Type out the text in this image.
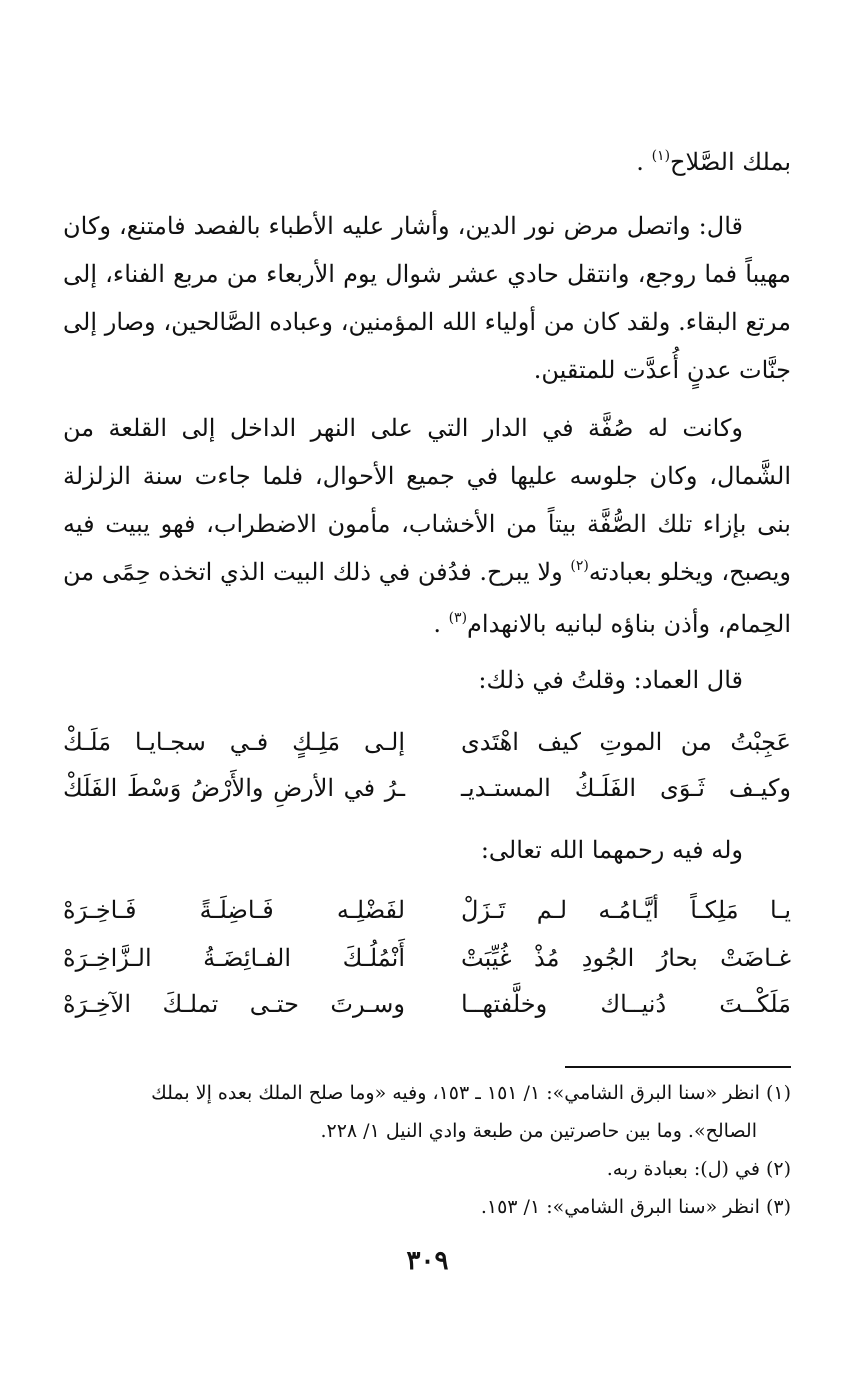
بملك الصَّلاح$^{(١)}$ .
قال: واتصل مرض نور الدين، وأشار عليه الأطباء بالفصد فامتنع، وكان مهيباً فما روجع، وانتقل حادي عشر شوال يوم الأربعاء من مربع الفناء، إلى مرتع البقاء. ولقد كان من أولياء الله المؤمنين، وعباده الصَّالحين، وصار إلى جنَّات عدنٍ أُعدَّت للمتقين.
وكانت له صُفَّة في الدار التي على النهر الداخل إلى القلعة من الشَّمال، وكان جلوسه عليها في جميع الأحوال، فلما جاءت سنة الزلزلة بنى بإزاء تلك الصُّفَّة بيتاً من الأخشاب، مأمون الاضطراب، فهو يبيت فيه ويصبح، ويخلو بعبادته$^{(٢)}$ ولا يبرح. فدُفن في ذلك البيت الذي اتخذه حِمًى من الحِمام، وأذن بناؤه لبانيه بالانهدام$^{(٣)}$ .
قال العماد: وقلتُ في ذلك:
عَجِبْتُ من الموتِ كيف اهْتَدى
إلـى مَلِـكٍ فـي سجـايـا مَلَـكْ
وكيـف ثَـوَى الفَلَـكُ المستـديـ
ـرُ في الأرضِ والأَرْضُ وَسْطَ الفَلَكْ
وله فيه رحمهما الله تعالى:
يـا مَلِكـاً أيَّـامُـه لـم تَـزَلْ
لفَضْلِـه فَـاضِلَـةً فَـاخِـرَهْ
غـاضَتْ بحارُ الجُودِ مُذْ غُيِّبَتْ
أَنْمُلُـكَ الفـائِضَـةُ الـزَّاخِـرَهْ
مَلَكْــتَ دُنيــاك وخلَّفتهــا
وسـرتَ حتـى تملـكَ الآخِـرَهْ

(١) انظر «سنا البرق الشامي»: ١/ ١٥١ ـ ١٥٣، وفيه «وما صلح الملك بعده إلا بملك

الصالح». وما بين حاصرتين من طبعة وادي النيل ١/ ٢٢٨.

(٢) في (ل): بعبادة ربه.

(٣) انظر «سنا البرق الشامي»: ١/ ١٥٣.

٣٠٩
